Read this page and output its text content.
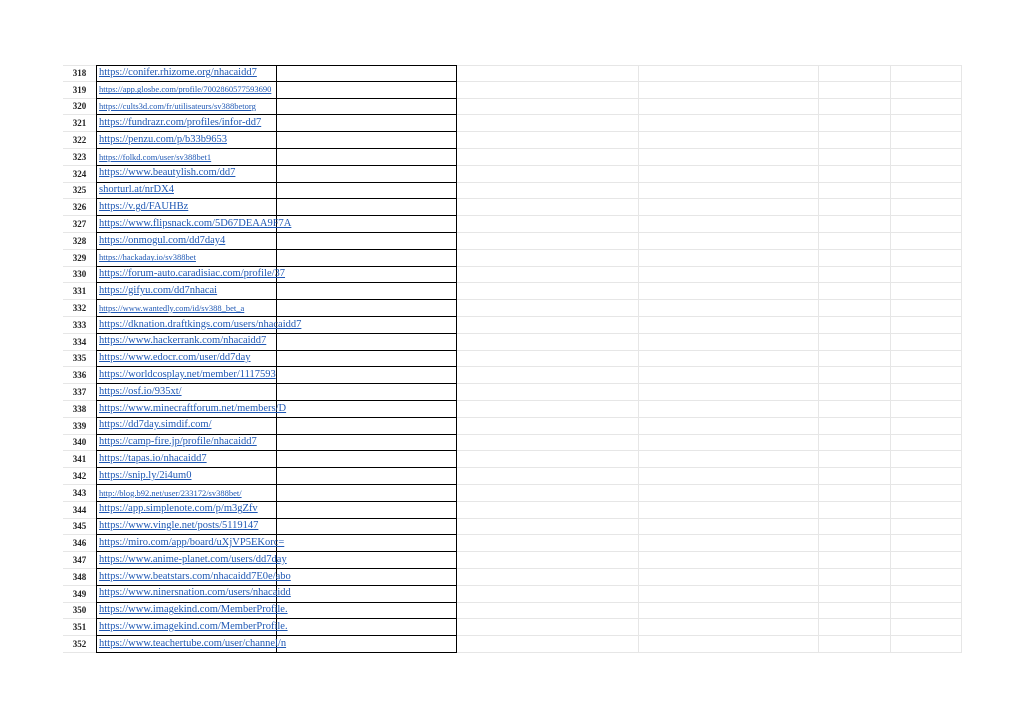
318	https://conifer.rhizome.org/nhacaidd7
319	https://app.glosbe.com/profile/7002860577593690
320	https://cults3d.com/fr/utilisateurs/sv388betorg
321	https://fundrazr.com/profiles/infor-dd7
322	https://penzu.com/p/b33b9653
323	https://folkd.com/user/sv388bet1
324	https://www.beautylish.com/dd7
325	shorturl.at/nrDX4
326	https://v.gd/FAUHBz
327	https://www.flipsnack.com/5D67DEAA9F7A
328	https://onmogul.com/dd7day4
329	https://hackaday.io/sv388bet
330	https://forum-auto.caradisiac.com/profile/37
331	https://gifyu.com/dd7nhacai
332	https://www.wantedly.com/id/sv388_bet_a
333	https://dknation.draftkings.com/users/nhacaidd7
334	https://www.hackerrank.com/nhacaidd7
335	https://www.edocr.com/user/dd7day
336	https://worldcosplay.net/member/1117593
337	https://osf.io/935xt/
338	https://www.minecraftforum.net/members/D
339	https://dd7day.simdif.com/
340	https://camp-fire.jp/profile/nhacaidd7
341	https://tapas.io/nhacaidd7
342	https://snip.ly/2i4um0
343	http://blog.b92.net/user/233172/sv388bet/
344	https://app.simplenote.com/p/m3gZfv
345	https://www.vingle.net/posts/5119147
346	https://miro.com/app/board/uXjVP5EKorc=
347	https://www.anime-planet.com/users/dd7day
348	https://www.beatstars.com/nhacaidd7E0e/abo
349	https://www.ninersnation.com/users/nhacaidd
350	https://www.imagekind.com/MemberProfile.
351	https://www.imagekind.com/MemberProfile.
352	https://www.teachertube.com/user/channel/n
